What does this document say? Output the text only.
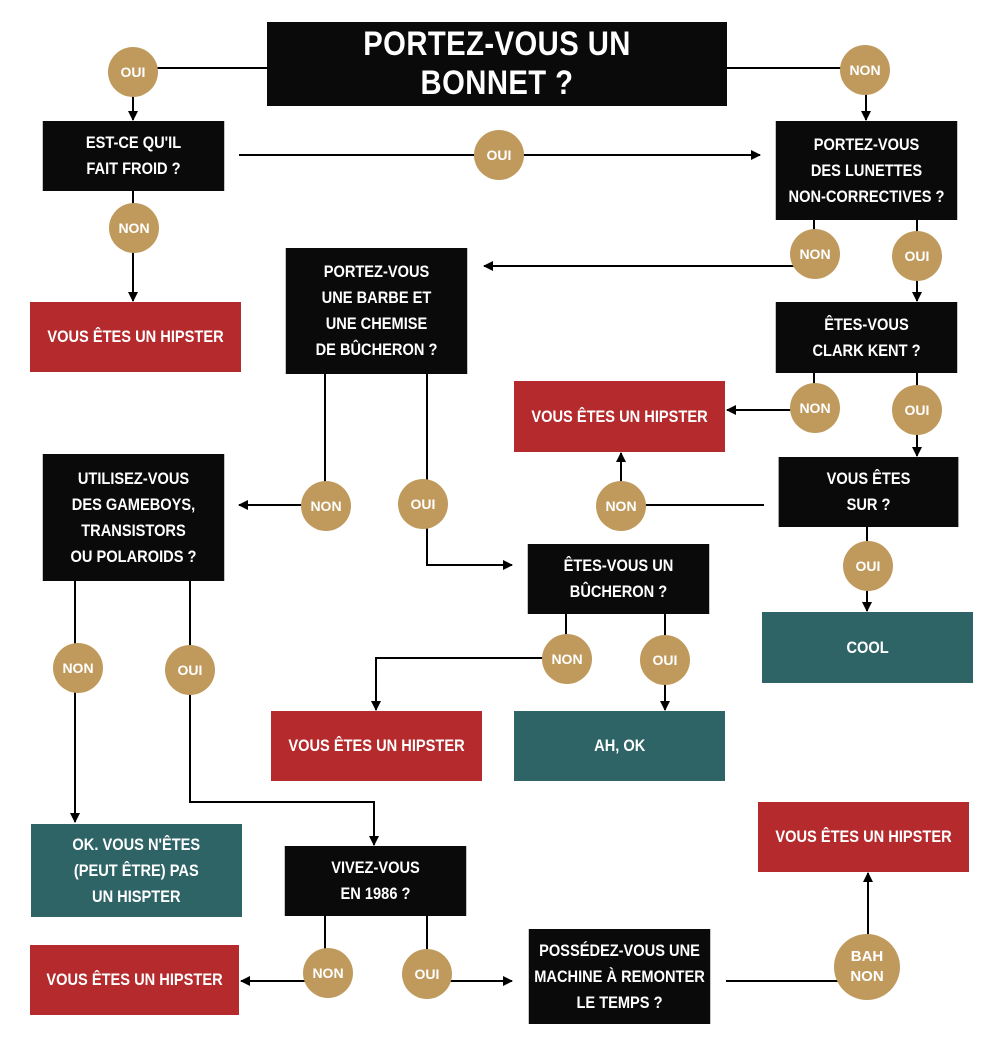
PORTEZ-VOUS UN BONNET ?
EST-CE QU'IL
FAIT FROID ?
PORTEZ-VOUS
DES LUNETTES
NON-CORRECTIVES ?
VOUS ÊTES UN HIPSTER
PORTEZ-VOUS
UNE BARBE ET
UNE CHEMISE
DE BÛCHERON ?
ÊTES-VOUS
CLARK KENT ?
VOUS ÊTES UN HIPSTER
UTILISEZ-VOUS
DES GAMEBOYS,
TRANSISTORS
OU POLAROIDS ?
VOUS ÊTES
SUR ?
ÊTES-VOUS UN
BÛCHERON ?
COOL
VOUS ÊTES UN HIPSTER	AH, OK
OK. VOUS N'ÊTES
(PEUT ÊTRE) PAS
UN HISPTER
VIVEZ-VOUS
EN 1986 ?
VOUS ÊTES UN HIPSTER
VOUS ÊTES UN HIPSTER
POSSÉDEZ-VOUS UNE
MACHINE À REMONTER
LE TEMPS ?
OUI	NON
OUI
NON
NON	OUI
NON	OUI
NON
OUI
NON	OUI
NON	OUI
NON	OUI
NON	OUI
BAH
NON
